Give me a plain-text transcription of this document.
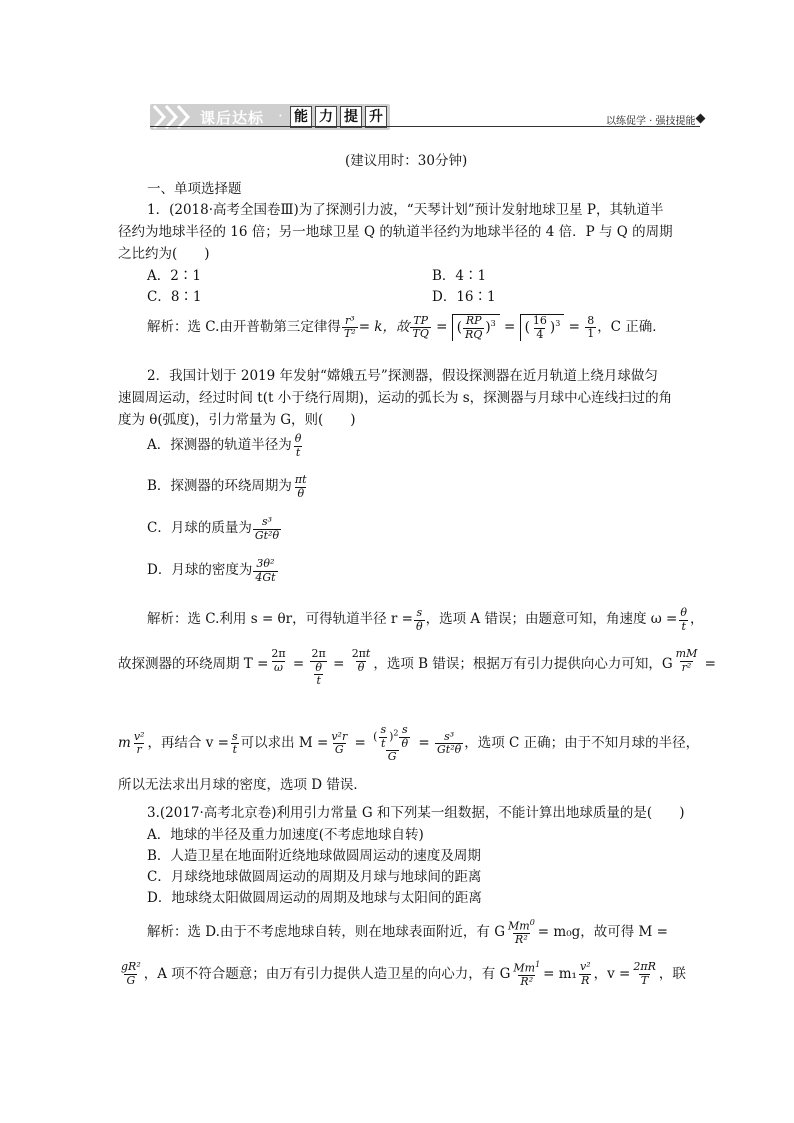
课后达标 · 能 力 提 升	以练促学 · 强技提能
(建议用时：30分钟)
一、单项选择题
1．(2018·高考全国卷Ⅲ)为了探测引力波，“天琴计划”预计发射地球卫星 P，其轨道半
径约为地球半径的 16 倍；另一地球卫星 Q 的轨道半径约为地球半径的 4 倍．P 与 Q 的周期
之比约为(　　)
A．2∶1	B．4∶1
C．8∶1	D．16∶1
解析：选 C.由开普勒第三定律得 $\frac{\text{r³}}{\text{T²}} = k$，故 $\frac{TP}{TQ}$ = ( $\frac{RP}{RQ} )^3$ = ( $\frac{16}{4} )^3 = \frac{8}{1}$ ，C 正确．
2．我国计划于 2019 年发射“嫦娥五号”探测器，假设探测器在近月轨道上绕月球做匀
速圆周运动，经过时间 t(t 小于绕行周期)，运动的弧长为 s，探测器与月球中心连线扫过的角
度为 θ(弧度)，引力常量为 G，则(　　)
A．探测器的轨道半径为 $\frac{\theta}{t}$
B．探测器的环绕周期为 $\frac{\pi t}{\theta}$
C．月球的质量为 $\frac{\text{s³}}{\text{Gt²θ}}$
D．月球的密度为 $\frac{\text{3θ²}}{4Gt}$
解析：选 C.利用 s = θr，可得轨道半径 $r = \frac{s}{\theta}$ ，选项 A 错误；由题意可知，角速度 $\omega = \frac{\theta}{t}$ ，
故探测器的环绕周期 $T = \frac{2\pi}{\omega} = \frac{2\pi}{\frac{\theta}{t}} = \frac{2\pi t}{\theta}$ ，选项 B 错误；根据万有引力提供向心力可知，G $\frac{mM}{\text{r²}}$ =
m $\frac{\text{v²}}{r}$ ，再结合 $v = \frac{s}{t}$ 可以求出 $M = \frac{\text{v²r}}{G} = \frac{( \frac{s}{t} )^2 \frac{s}{\theta}}{G} = \frac{\text{s³}}{\text{Gt²θ}}$ ，选项 C 正确；由于不知月球的半径，
所以无法求出月球的密度，选项 D 错误．
3.(2017·高考北京卷)利用引力常量 G 和下列某一组数据，不能计算出地球质量的是(　　)
A．地球的半径及重力加速度(不考虑地球自转)
B．人造卫星在地面附近绕地球做圆周运动的速度及周期
C．月球绕地球做圆周运动的周期及月球与地球间的距离
D．地球绕太阳做圆周运动的周期及地球与太阳间的距离
解析：选 D.由于不考虑地球自转，则在地球表面附近，有 G $\frac{Mm^0}{\text{R²}} = m_0g$，故可得 M =
$\frac{\text{gR²}}{G}$ ，A 项不符合题意；由万有引力提供人造卫星的向心力，有 G $\frac{Mm^1}{\text{R²}} = m_1 \frac{\text{v²}}{R}$ ，$v = \frac{2\pi R}{T}$ ，联
